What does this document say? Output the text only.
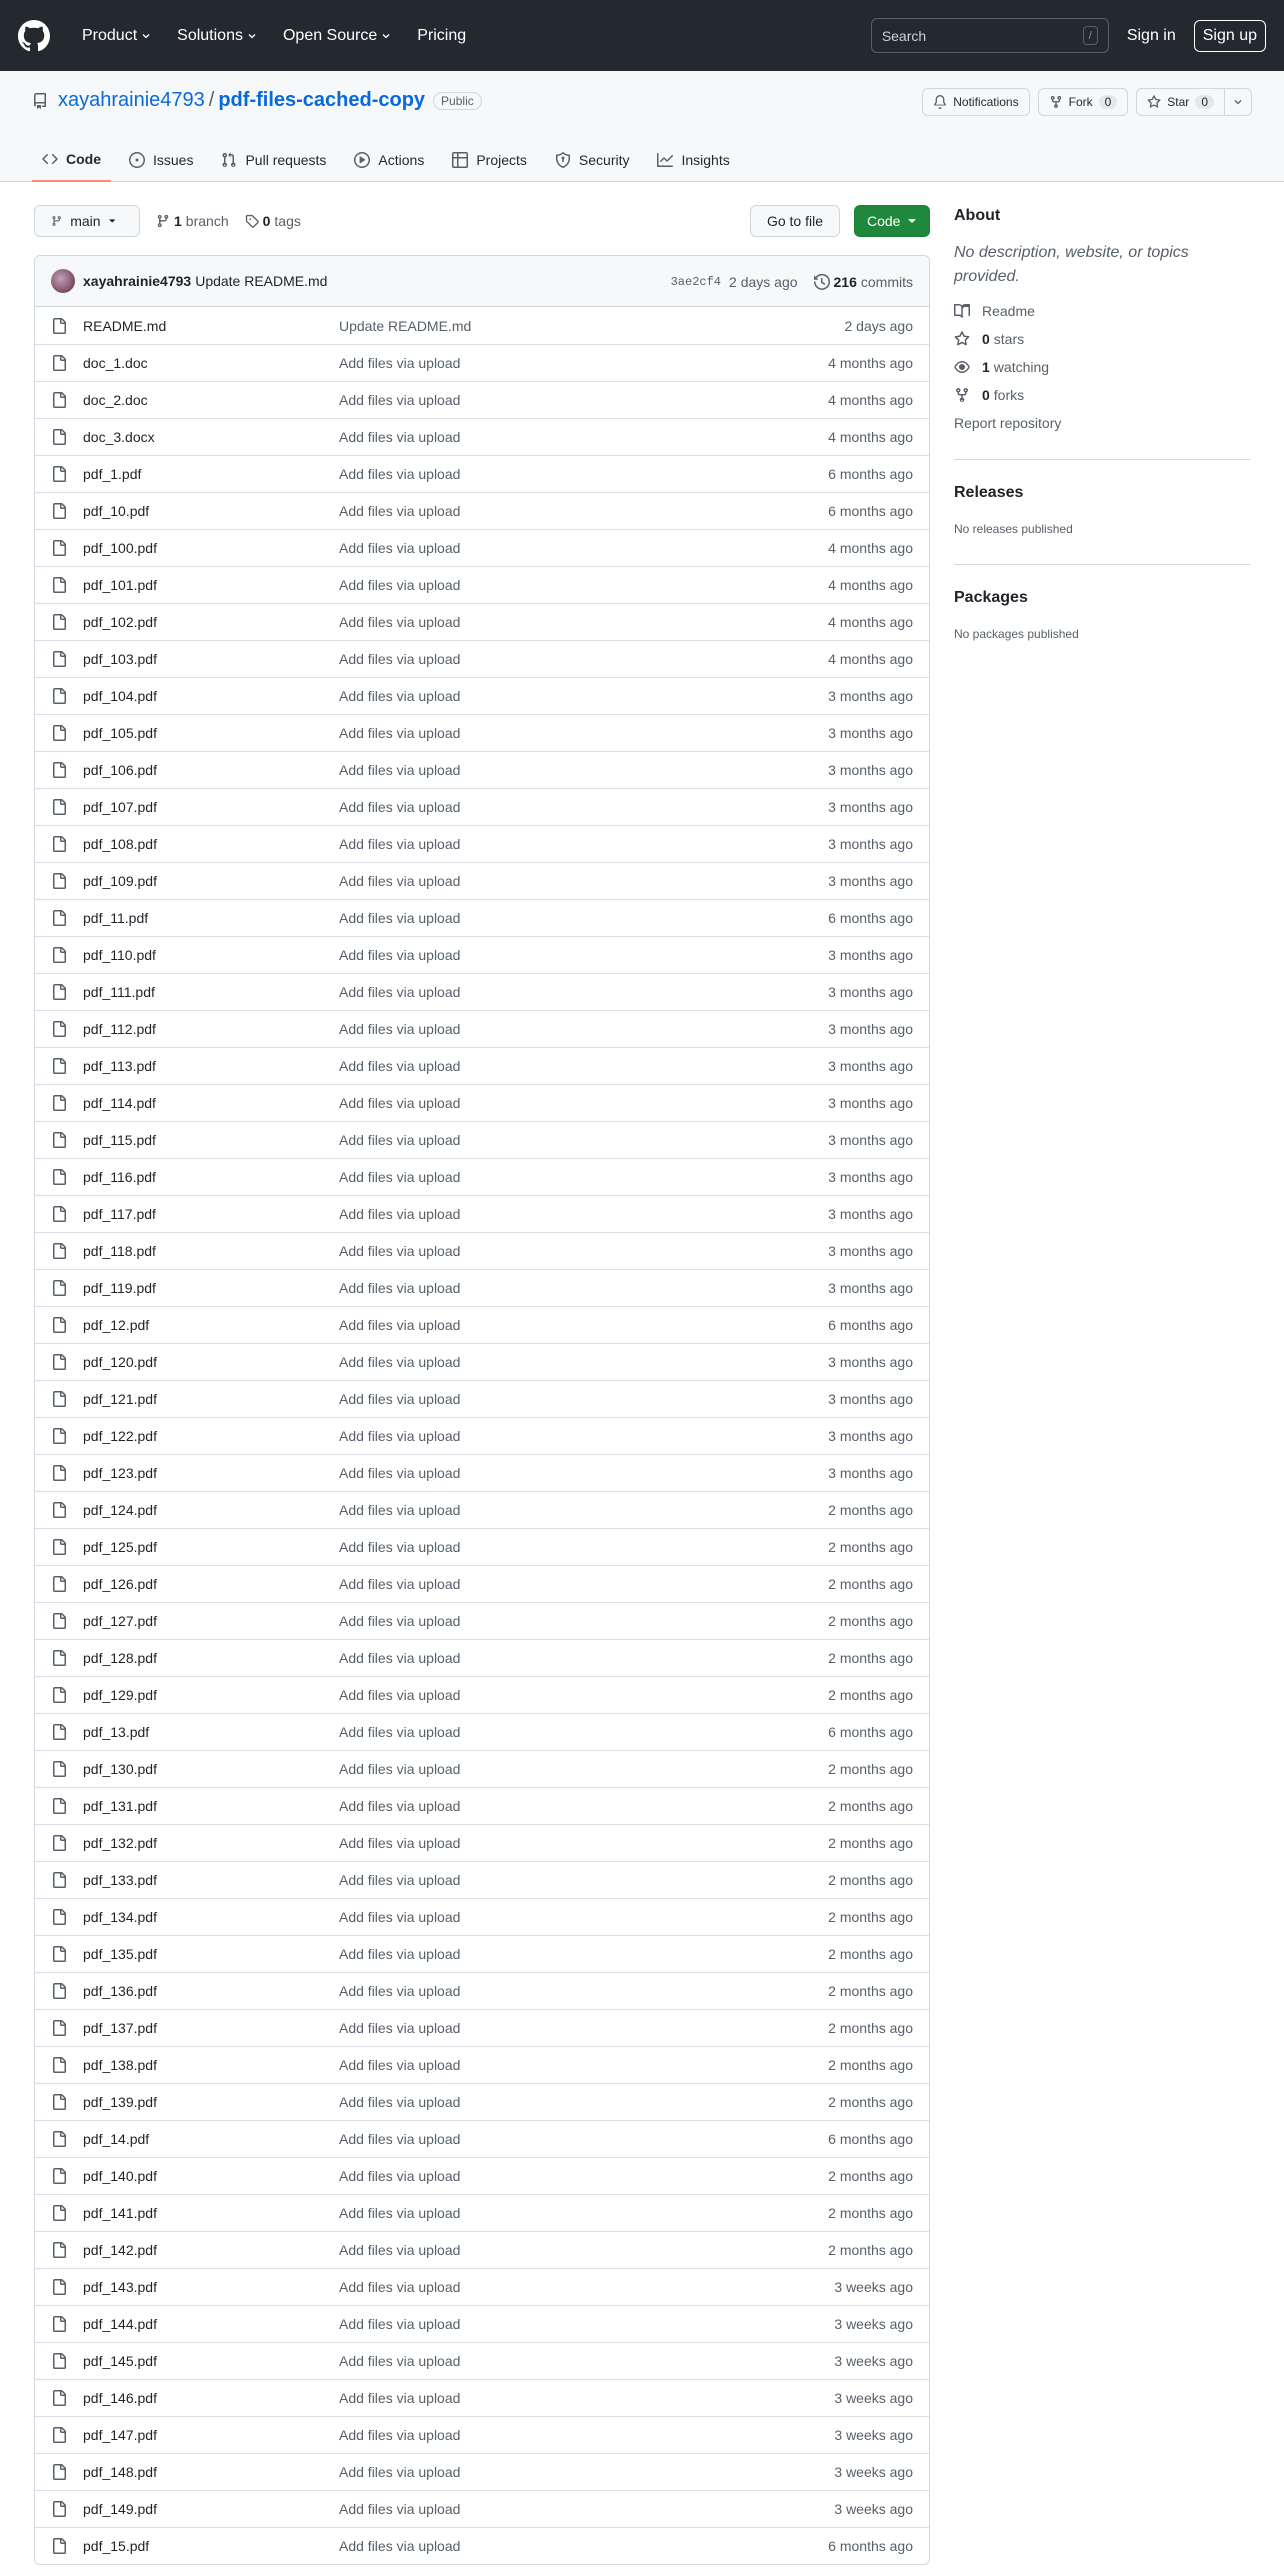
Product	Solutions	Open Source	Pricing	Search	/	Sign in	Sign up
xayahrainie4793 / pdf-files-cached-copy	Public	Notifications	Fork	0	Star	0
Code	Issues	Pull requests	Actions	Projects	Security	Insights
main	1 branch 0 tags	Go to file	Code
xayahrainie4793 Update README.md	3ae2cf4 2 days ago	216 commits
README.md	Update README.md	2 days ago
doc_1.doc	Add files via upload	4 months ago
doc_2.doc	Add files via upload	4 months ago
doc_3.docx	Add files via upload	4 months ago
pdf_1.pdf	Add files via upload	6 months ago
pdf_10.pdf	Add files via upload	6 months ago
pdf_100.pdf	Add files via upload	4 months ago
pdf_101.pdf	Add files via upload	4 months ago
pdf_102.pdf	Add files via upload	4 months ago
pdf_103.pdf	Add files via upload	4 months ago
pdf_104.pdf	Add files via upload	3 months ago
pdf_105.pdf	Add files via upload	3 months ago
pdf_106.pdf	Add files via upload	3 months ago
pdf_107.pdf	Add files via upload	3 months ago
pdf_108.pdf	Add files via upload	3 months ago
pdf_109.pdf	Add files via upload	3 months ago
pdf_11.pdf	Add files via upload	6 months ago
pdf_110.pdf	Add files via upload	3 months ago
pdf_111.pdf	Add files via upload	3 months ago
pdf_112.pdf	Add files via upload	3 months ago
pdf_113.pdf	Add files via upload	3 months ago
pdf_114.pdf	Add files via upload	3 months ago
pdf_115.pdf	Add files via upload	3 months ago
pdf_116.pdf	Add files via upload	3 months ago
pdf_117.pdf	Add files via upload	3 months ago
pdf_118.pdf	Add files via upload	3 months ago
pdf_119.pdf	Add files via upload	3 months ago
pdf_12.pdf	Add files via upload	6 months ago
pdf_120.pdf	Add files via upload	3 months ago
pdf_121.pdf	Add files via upload	3 months ago
pdf_122.pdf	Add files via upload	3 months ago
pdf_123.pdf	Add files via upload	3 months ago
pdf_124.pdf	Add files via upload	2 months ago
pdf_125.pdf	Add files via upload	2 months ago
pdf_126.pdf	Add files via upload	2 months ago
pdf_127.pdf	Add files via upload	2 months ago
pdf_128.pdf	Add files via upload	2 months ago
pdf_129.pdf	Add files via upload	2 months ago
pdf_13.pdf	Add files via upload	6 months ago
pdf_130.pdf	Add files via upload	2 months ago
pdf_131.pdf	Add files via upload	2 months ago
pdf_132.pdf	Add files via upload	2 months ago
pdf_133.pdf	Add files via upload	2 months ago
pdf_134.pdf	Add files via upload	2 months ago
pdf_135.pdf	Add files via upload	2 months ago
pdf_136.pdf	Add files via upload	2 months ago
pdf_137.pdf	Add files via upload	2 months ago
pdf_138.pdf	Add files via upload	2 months ago
pdf_139.pdf	Add files via upload	2 months ago
pdf_14.pdf	Add files via upload	6 months ago
pdf_140.pdf	Add files via upload	2 months ago
pdf_141.pdf	Add files via upload	2 months ago
pdf_142.pdf	Add files via upload	2 months ago
pdf_143.pdf	Add files via upload	3 weeks ago
pdf_144.pdf	Add files via upload	3 weeks ago
pdf_145.pdf	Add files via upload	3 weeks ago
pdf_146.pdf	Add files via upload	3 weeks ago
pdf_147.pdf	Add files via upload	3 weeks ago
pdf_148.pdf	Add files via upload	3 weeks ago
pdf_149.pdf	Add files via upload	3 weeks ago
pdf_15.pdf	Add files via upload	6 months ago
About
No description, website, or topics provided.
Readme
0 stars
1 watching
0 forks
Report repository
Releases
No releases published
Packages
No packages published
